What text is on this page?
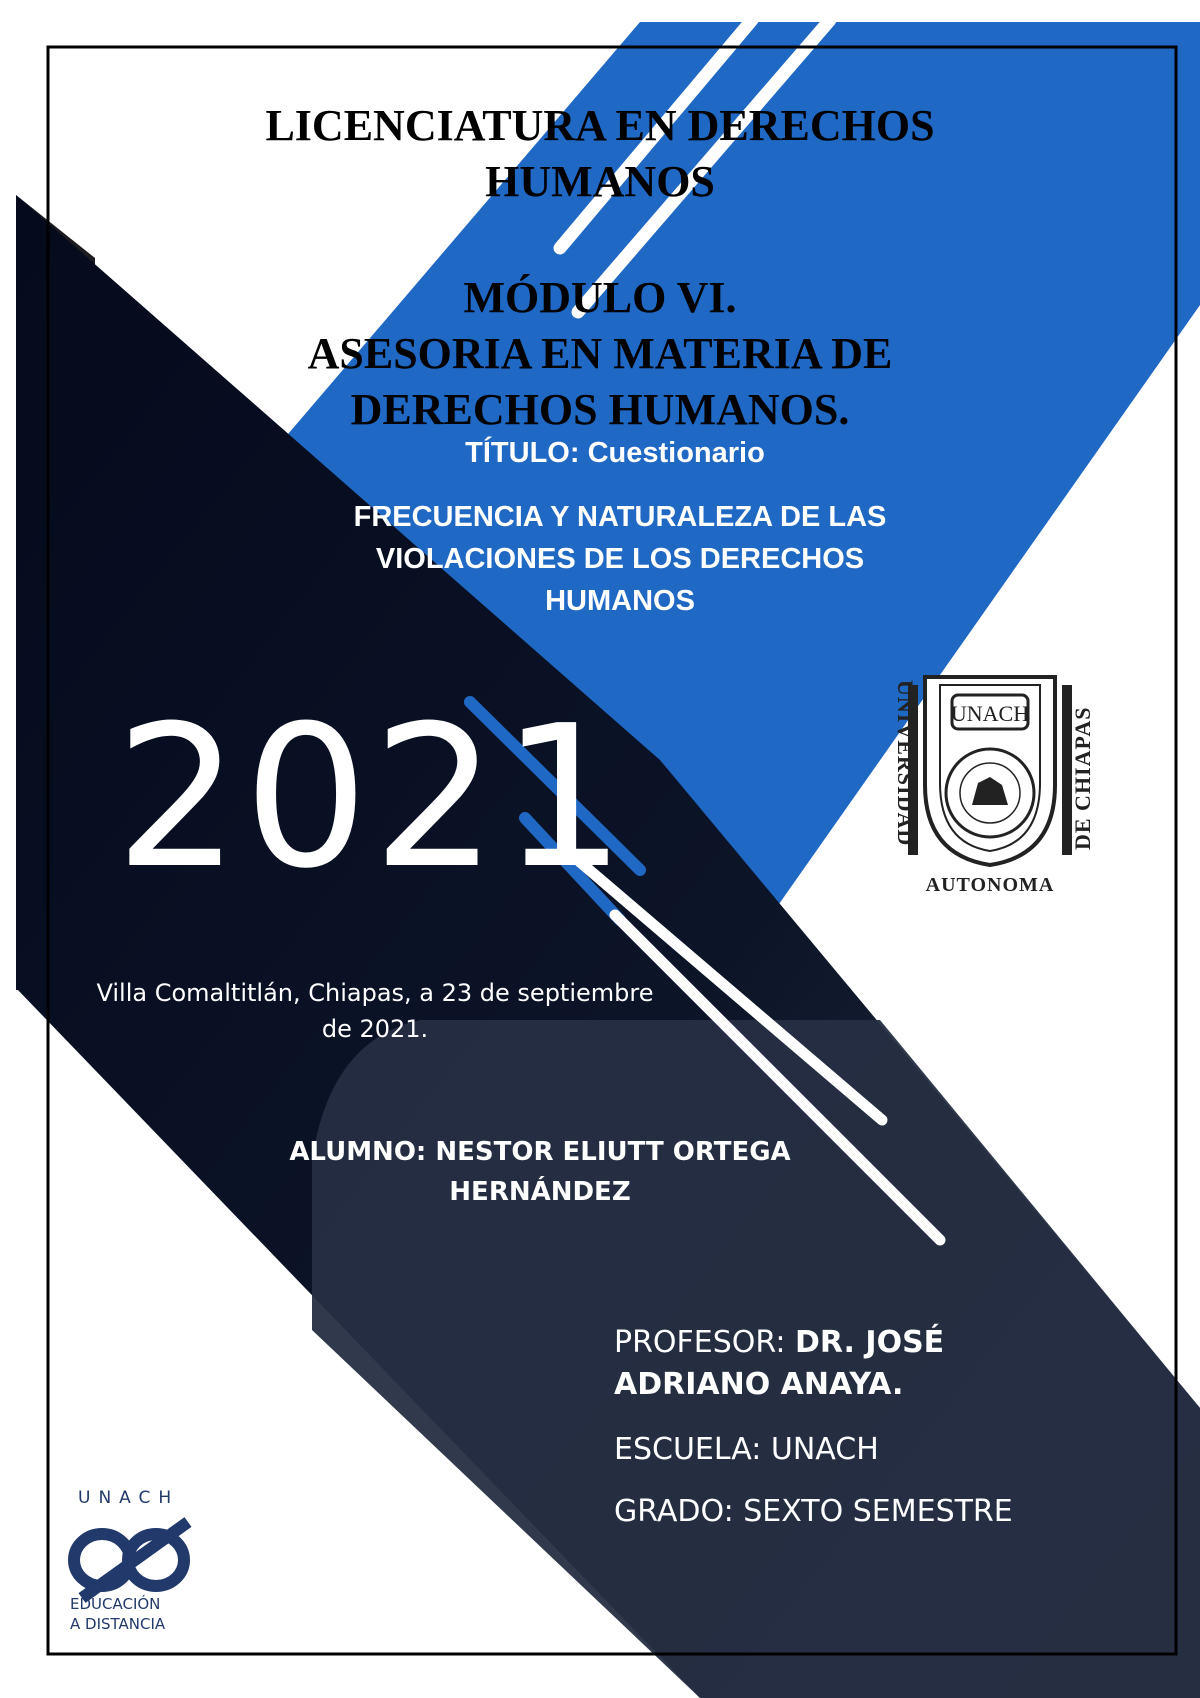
LICENCIATURA EN DERECHOS
HUMANOS
MÓDULO VI.
ASESORIA EN MATERIA DE
DERECHOS HUMANOS.
TÍTULO: Cuestionario
FRECUENCIA Y NATURALEZA DE LAS
VIOLACIONES DE LOS DERECHOS
HUMANOS
2021
Villa Comaltitlán, Chiapas, a 23 de septiembre
de 2021.
ALUMNO: NESTOR ELIUTT ORTEGA
HERNÁNDEZ
PROFESOR: DR. JOSÉ
ADRIANO ANAYA.
ESCUELA: UNACH
GRADO: SEXTO SEMESTRE
UNACH
UNIVERSIDAD	DE CHIAPAS
AUTONOMA
UNACH
EDUCACIÓN
A DISTANCIA
